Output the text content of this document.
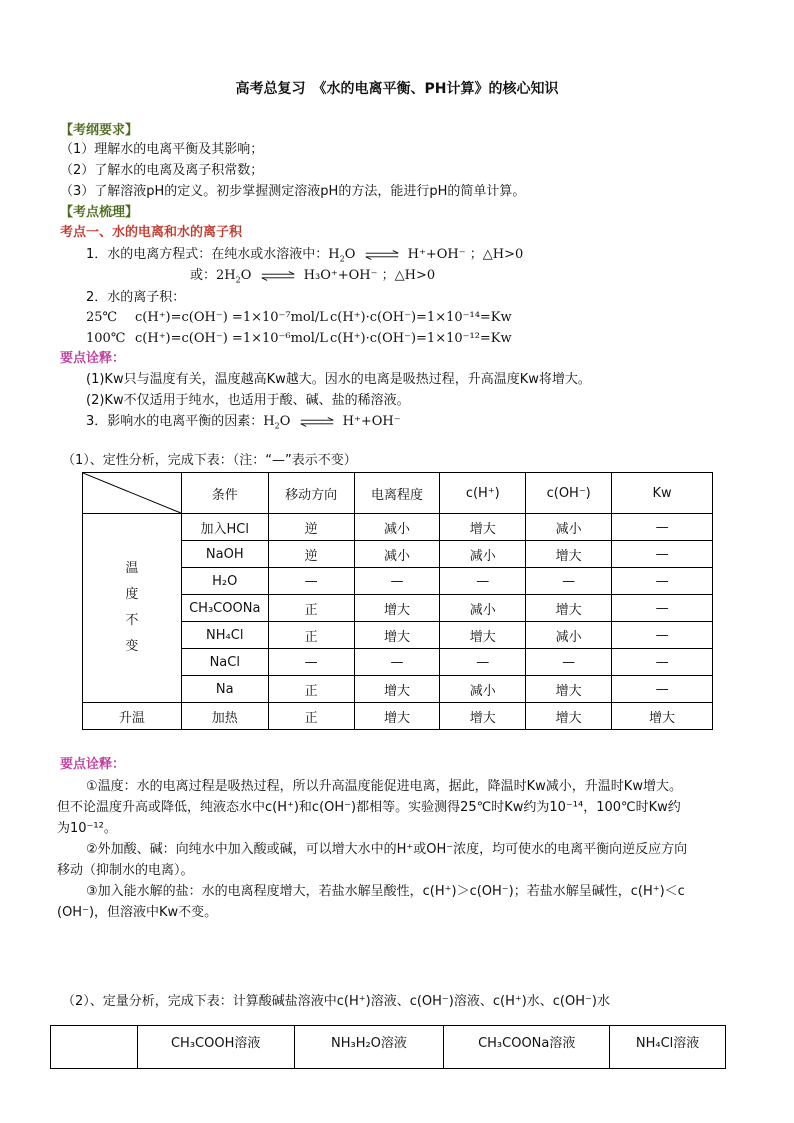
高考总复习　《水的电离平衡、PH计算》的核心知识
【考纲要求】
（1）理解水的电离平衡及其影响；
（2）了解水的电离及离子积常数；
（3）了解溶液pH的定义。初步掌握测定溶液pH的方法，能进行pH的简单计算。
【考点梳理】
考点一、水的电离和水的离子积
1．水的电离方程式：在纯水或水溶液中：$H_2O$ ⇌ H⁺+OH⁻ ；△H>0
或：$2H_2O$ ⇌ H₃O⁺+OH⁻ ；△H>0
2．水的离子积：
25℃ c(H⁺)=c(OH⁻) =1×10⁻⁷mol/L c(H⁺)·c(OH⁻)=1×10⁻¹⁴=Kw
100℃ c(H⁺)=c(OH⁻) =1×10⁻⁶mol/L c(H⁺)·c(OH⁻)=1×10⁻¹²=Kw
要点诠释：
(1)Kw只与温度有关，温度越高Kw越大。因水的电离是吸热过程，升高温度Kw将增大。
(2)Kw不仅适用于纯水，也适用于酸、碱、盐的稀溶液。
3．影响水的电离平衡的因素：$H_2O$ ⇌ H⁺+OH⁻
（1）、定性分析，完成下表：（注：“—”表示不变）
	条件	移动方向	电离程度	c(H⁺)	c(OH⁻)	Kw

温
度
不
变	加入HCl	逆	减小	增大	减小	—
	NaOH	逆	减小	减小	增大	—
	H₂O	—	—	—	—	—
	CH₃COONa	正	增大	减小	增大	—
	NH₄Cl	正	增大	增大	减小	—
	NaCl	—	—	—	—	—
	Na	正	增大	减小	增大	—
升温	加热	正	增大	增大	增大	增大
要点诠释：
①温度：水的电离过程是吸热过程，所以升高温度能促进电离，据此，降温时Kw减小，升温时Kw增大。
但不论温度升高或降低，纯液态水中c(H⁺)和c(OH⁻)都相等。实验测得25℃时Kw约为10⁻¹⁴，100℃时Kw约
为10⁻¹²。
②外加酸、碱：向纯水中加入酸或碱，可以增大水中的H⁺或OH⁻浓度，均可使水的电离平衡向逆反应方向
移动（抑制水的电离）。
③加入能水解的盐：水的电离程度增大，若盐水解呈酸性，c(H⁺)＞c(OH⁻)；若盐水解呈碱性，c(H⁺)＜c
(OH⁻)，但溶液中Kw不变。
（2）、定量分析，完成下表：计算酸碱盐溶液中c(H⁺)溶液、c(OH⁻)溶液、c(H⁺)水、c(OH⁻)水
	CH₃COOH溶液	NH₃H₂O溶液	CH₃COONa溶液	NH₄Cl溶液
